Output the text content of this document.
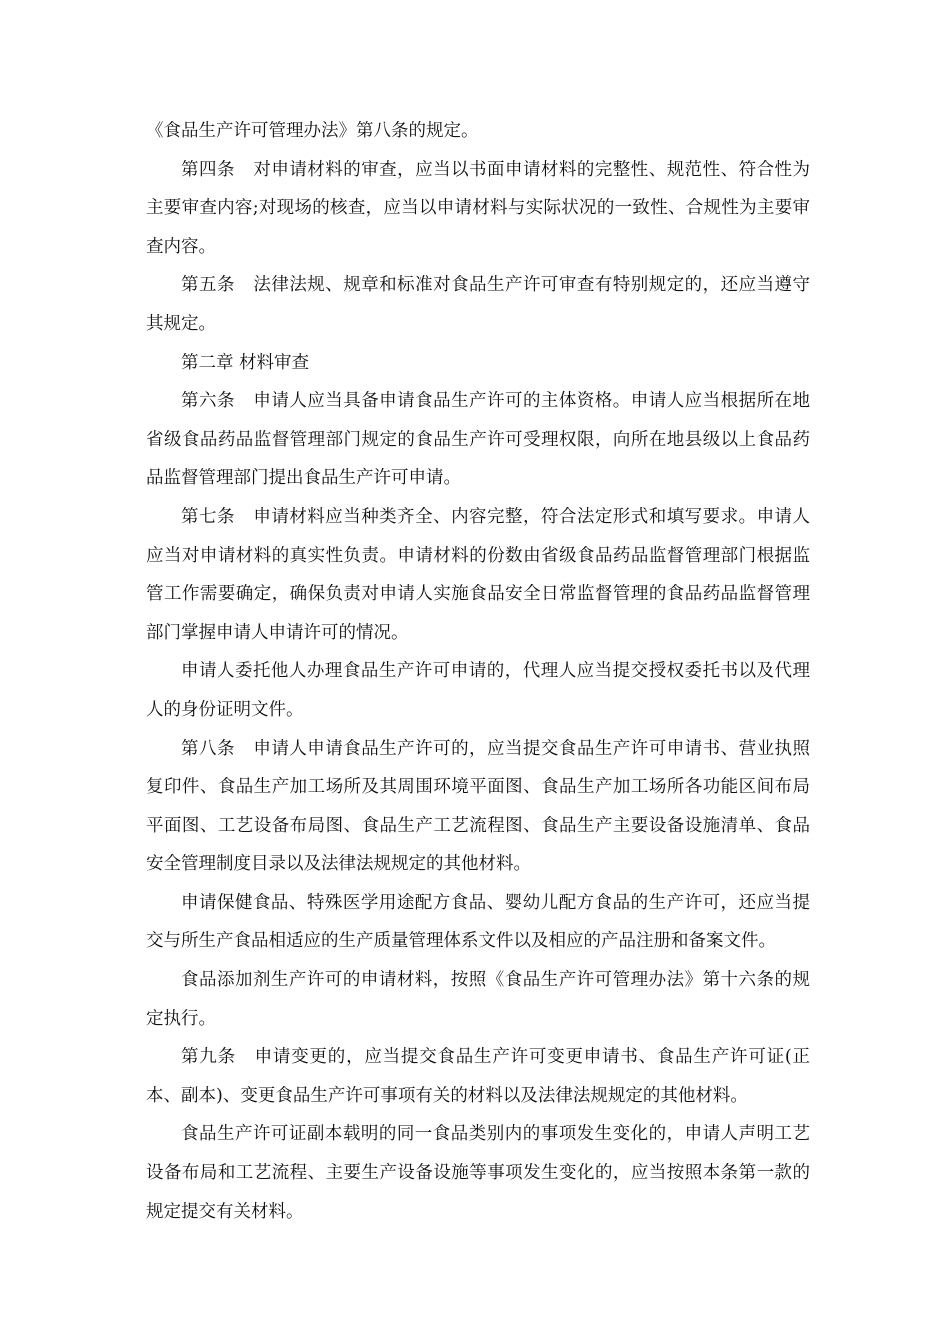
《食品生产许可管理办法》第八条的规定。

第四条 对申请材料的审查，应当以书面申请材料的完整性、规范性、符合性为主要审查内容;对现场的核查，应当以申请材料与实际状况的一致性、合规性为主要审查内容。

第五条 法律法规、规章和标准对食品生产许可审查有特别规定的，还应当遵守其规定。

第二章 材料审查

第六条 申请人应当具备申请食品生产许可的主体资格。申请人应当根据所在地省级食品药品监督管理部门规定的食品生产许可受理权限，向所在地县级以上食品药品监督管理部门提出食品生产许可申请。

第七条 申请材料应当种类齐全、内容完整，符合法定形式和填写要求。申请人应当对申请材料的真实性负责。申请材料的份数由省级食品药品监督管理部门根据监管工作需要确定，确保负责对申请人实施食品安全日常监督管理的食品药品监督管理部门掌握申请人申请许可的情况。

申请人委托他人办理食品生产许可申请的，代理人应当提交授权委托书以及代理人的身份证明文件。

第八条 申请人申请食品生产许可的，应当提交食品生产许可申请书、营业执照复印件、食品生产加工场所及其周围环境平面图、食品生产加工场所各功能区间布局平面图、工艺设备布局图、食品生产工艺流程图、食品生产主要设备设施清单、食品安全管理制度目录以及法律法规规定的其他材料。

申请保健食品、特殊医学用途配方食品、婴幼儿配方食品的生产许可，还应当提交与所生产食品相适应的生产质量管理体系文件以及相应的产品注册和备案文件。

食品添加剂生产许可的申请材料，按照《食品生产许可管理办法》第十六条的规定执行。

第九条 申请变更的，应当提交食品生产许可变更申请书、食品生产许可证(正本、副本)、变更食品生产许可事项有关的材料以及法律法规规定的其他材料。

食品生产许可证副本载明的同一食品类别内的事项发生变化的，申请人声明工艺设备布局和工艺流程、主要生产设备设施等事项发生变化的，应当按照本条第一款的规定提交有关材料。
